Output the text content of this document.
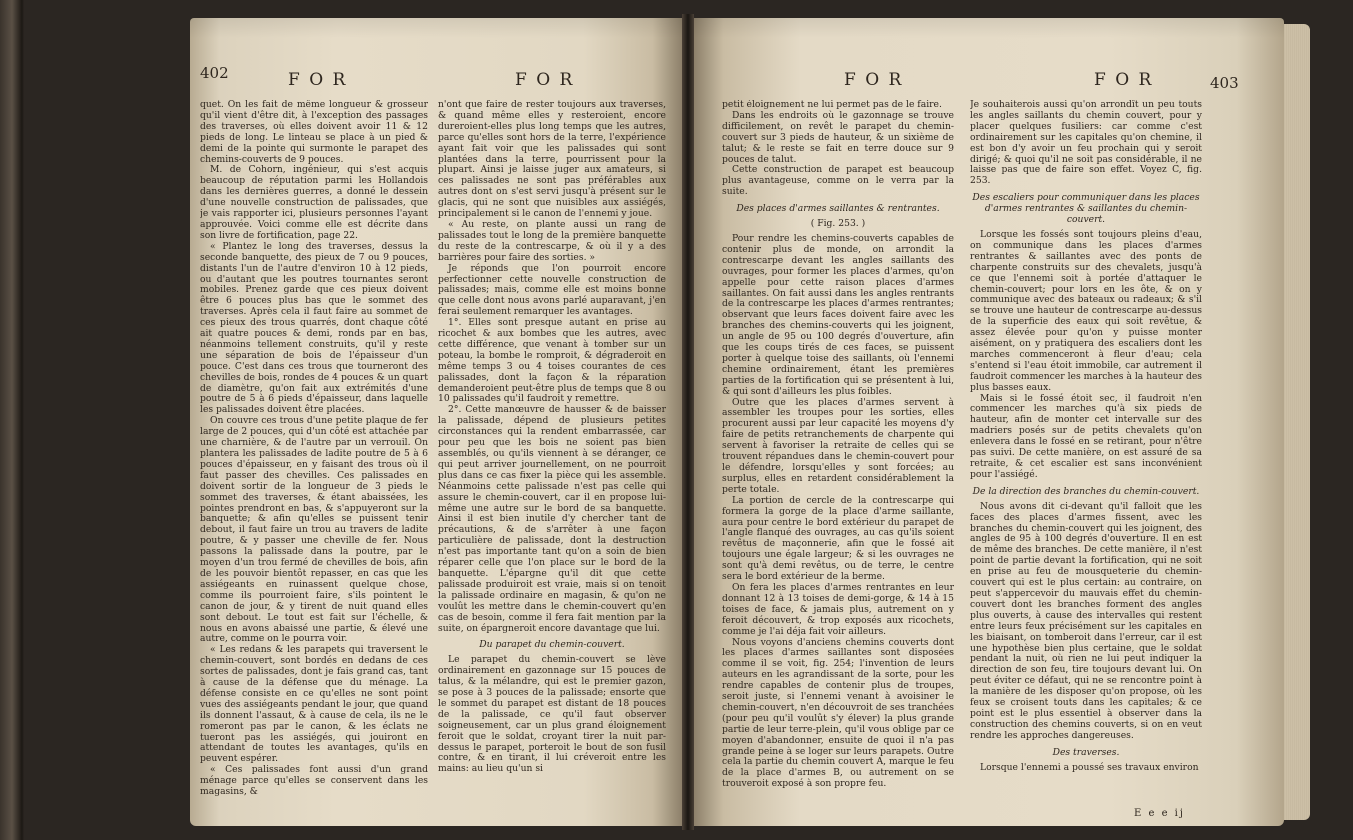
402	F O R	F O R

quet. On les fait de même longueur & grosseur qu'il vient d'être dit, à l'exception des passages des traverses, où elles doivent avoir 11 & 12 pieds de long. Le linteau se place à un pied & demi de la pointe qui surmonte le parapet des chemins-couverts de 9 pouces.

M. de Cohorn, ingénieur, qui s'est acquis beaucoup de réputation parmi les Hollandois dans les dernières guerres, a donné le dessein d'une nouvelle construction de palissades, que je vais rapporter ici, plusieurs personnes l'ayant approuvée. Voici comme elle est décrite dans son livre de fortification, page 22.

« Plantez le long des traverses, dessus la seconde banquette, des pieux de 7 ou 9 pouces, distants l'un de l'autre d'environ 10 à 12 pieds, ou d'autant que les poutres tournantes seront mobiles. Prenez garde que ces pieux doivent être 6 pouces plus bas que le sommet des traverses. Après cela il faut faire au sommet de ces pieux des trous quarrés, dont chaque côté ait quatre pouces & demi, ronds par en bas, néanmoins tellement construits, qu'il y reste une séparation de bois de l'épaisseur d'un pouce. C'est dans ces trous que tourneront des chevilles de bois, rondes de 4 pouces & un quart de diamètre, qu'on fait aux extrémités d'une poutre de 5 à 6 pieds d'épaisseur, dans laquelle les palissades doivent être placées.

On couvre ces trous d'une petite plaque de fer large de 2 pouces, qui d'un côté est attachée par une charnière, & de l'autre par un verrouil. On plantera les palissades de ladite poutre de 5 à 6 pouces d'épaisseur, en y faisant des trous où il faut passer des chevilles. Ces palissades en doivent sortir de la longueur de 3 pieds le sommet des traverses, & étant abaissées, les pointes prendront en bas, & s'appuyeront sur la banquette; & afin qu'elles se puissent tenir debout, il faut faire un trou au travers de ladite poutre, & y passer une cheville de fer. Nous passons la palissade dans la poutre, par le moyen d'un trou fermé de chevilles de bois, afin de les pouvoir bientôt repasser, en cas que les assiégeants en ruinassent quelque chose, comme ils pourroient faire, s'ils pointent le canon de jour, & y tirent de nuit quand elles sont debout. Le tout est fait sur l'échelle, & nous en avons abaissé une partie, & élevé une autre, comme on le pourra voir.

« Les redans & les parapets qui traversent le chemin-couvert, sont bordés en dedans de ces sortes de palissades, dont je fais grand cas, tant à cause de la défense que du ménage. La défense consiste en ce qu'elles ne sont point vues des assiégeants pendant le jour, que quand ils donnent l'assaut, & à cause de cela, ils ne le romeront pas par le canon, & les éclats ne tueront pas les assiégés, qui jouiront en attendant de toutes les avantages, qu'ils en peuvent espérer.

« Ces palissades font aussi d'un grand ménage parce qu'elles se conservent dans les magasins, &

n'ont que faire de rester toujours aux traverses, & quand même elles y resteroient, encore dureroient-elles plus long temps que les autres, parce qu'elles sont hors de la terre, l'expérience ayant fait voir que les palissades qui sont plantées dans la terre, pourrissent pour la plupart. Ainsi je laisse juger aux amateurs, si ces palissades ne sont pas préférables aux autres dont on s'est servi jusqu'à présent sur le glacis, qui ne sont que nuisibles aux assiégés, principalement si le canon de l'ennemi y joue.

« Au reste, on plante aussi un rang de palissades tout le long de la première banquette du reste de la contrescarpe, & où il y a des barrières pour faire des sorties. »

Je réponds que l'on pourroit encore perfectionner cette nouvelle construction de palissades; mais, comme elle est moins bonne que celle dont nous avons parlé auparavant, j'en ferai seulement remarquer les avantages.

1°. Elles sont presque autant en prise au ricochet & aux bombes que les autres, avec cette différence, que venant à tomber sur un poteau, la bombe le romproit, & dégraderoit en même temps 3 ou 4 toises courantes de ces palissades, dont la façon & la réparation demanderoient peut-être plus de temps que 8 ou 10 palissades qu'il faudroit y remettre.

2°. Cette manœuvre de hausser & de baisser la palissade, dépend de plusieurs petites circonstances qui la rendent embarrassée, car pour peu que les bois ne soient pas bien assemblés, ou qu'ils viennent à se déranger, ce qui peut arriver journellement, on ne pourroit plus dans ce cas fixer la pièce qui les assemble. Néanmoins cette palissade n'est pas celle qui assure le chemin-couvert, car il en propose lui-même une autre sur le bord de sa banquette. Ainsi il est bien inutile d'y chercher tant de précautions, & de s'arrêter à une façon particulière de palissade, dont la destruction n'est pas importante tant qu'on a soin de bien réparer celle que l'on place sur le bord de la banquette. L'épargne qu'il dit que cette palissade produiroit est vraie, mais si on tenoit la palissade ordinaire en magasin, & qu'on ne voulût les mettre dans le chemin-couvert qu'en cas de besoin, comme il fera fait mention par la suite, on épargneroit encore davantage que lui.

Du parapet du chemin-couvert.

Le parapet du chemin-couvert se lève ordinairement en gazonnage sur 15 pouces de talus, & la mélandre, qui est le premier gazon, se pose à 3 pouces de la palissade; ensorte que le sommet du parapet est distant de 18 pouces de la palissade, ce qu'il faut observer soigneusement, car un plus grand éloignement feroit que le soldat, croyant tirer la nuit par-dessus le parapet, porteroit le bout de son fusil contre, & en tirant, il lui créveroit entre les mains: au lieu qu'un si

F O R	F O R	403

petit éloignement ne lui permet pas de le faire.

Dans les endroits où le gazonnage se trouve difficilement, on revêt le parapet du chemin-couvert sur 3 pieds de hauteur, & un sixième de talut; & le reste se fait en terre douce sur 9 pouces de talut.

Cette construction de parapet est beaucoup plus avantageuse, comme on le verra par la suite.

Des places d'armes saillantes & rentrantes.

( Fig. 253. )

Pour rendre les chemins-couverts capables de contenir plus de monde, on arrondit la contrescarpe devant les angles saillants des ouvrages, pour former les places d'armes, qu'on appelle pour cette raison places d'armes saillantes. On fait aussi dans les angles rentrants de la contrescarpe les places d'armes rentrantes; observant que leurs faces doivent faire avec les branches des chemins-couverts qui les joignent, un angle de 95 ou 100 degrés d'ouverture, afin que les coups tirés de ces faces, se puissent porter à quelque toise des saillants, où l'ennemi chemine ordinairement, étant les premières parties de la fortification qui se présentent à lui, & qui sont d'ailleurs les plus foibles.

Outre que les places d'armes servent à assembler les troupes pour les sorties, elles procurent aussi par leur capacité les moyens d'y faire de petits retranchements de charpente qui servent à favoriser la retraite de celles qui se trouvent répandues dans le chemin-couvert pour le défendre, lorsqu'elles y sont forcées; au surplus, elles en retardent considérablement la perte totale.

La portion de cercle de la contrescarpe qui formera la gorge de la place d'arme saillante, aura pour centre le bord extérieur du parapet de l'angle flanqué des ouvrages, au cas qu'ils soient revêtus de maçonnerie, afin que le fossé ait toujours une égale largeur; & si les ouvrages ne sont qu'à demi revêtus, ou de terre, le centre sera le bord extérieur de la berme.

On fera les places d'armes rentrantes en leur donnant 12 à 13 toises de demi-gorge, & 14 à 15 toises de face, & jamais plus, autrement on y feroit découvert, & trop exposés aux ricochets, comme je l'ai déja fait voir ailleurs.

Nous voyons d'anciens chemins couverts dont les places d'armes saillantes sont disposées comme il se voit, fig. 254; l'invention de leurs auteurs en les agrandissant de la sorte, pour les rendre capables de contenir plus de troupes, seroit juste, si l'ennemi venant à avoisiner le chemin-couvert, n'en découvroit de ses tranchées (pour peu qu'il voulût s'y élever) la plus grande partie de leur terre-plein, qu'il vous oblige par ce moyen d'abandonner, ensuite de quoi il n'a pas grande peine à se loger sur leurs parapets. Outre cela la partie du chemin couvert A, marque le feu de la place d'armes B, ou autrement on se trouveroit exposé à son propre feu.

Je souhaiterois aussi qu'on arrondît un peu touts les angles saillants du chemin couvert, pour y placer quelques fusiliers: car comme c'est ordinairement sur les capitales qu'on chemine, il est bon d'y avoir un feu prochain qui y seroit dirigé; & quoi qu'il ne soit pas considérable, il ne laisse pas que de faire son effet. Voyez C, fig. 253.

Des escaliers pour communiquer dans les places d'armes rentrantes & saillantes du chemin-couvert.

Lorsque les fossés sont toujours pleins d'eau, on communique dans les places d'armes rentrantes & saillantes avec des ponts de charpente construits sur des chevalets, jusqu'à ce que l'ennemi soit à portée d'attaquer le chemin-couvert; pour lors en les ôte, & on y communique avec des bateaux ou radeaux; & s'il se trouve une hauteur de contrescarpe au-dessus de la superficie des eaux qui soit revêtue, & assez élevée pour qu'on y puisse monter aisément, on y pratiquera des escaliers dont les marches commenceront à fleur d'eau; cela s'entend si l'eau étoit immobile, car autrement il faudroit commencer les marches à la hauteur des plus basses eaux.

Mais si le fossé étoit sec, il faudroit n'en commencer les marches qu'à six pieds de hauteur, afin de monter cet intervalle sur des madriers posés sur de petits chevalets qu'on enlevera dans le fossé en se retirant, pour n'être pas suivi. De cette manière, on est assuré de sa retraite, & cet escalier est sans inconvénient pour l'assiégé.

De la direction des branches du chemin-couvert.

Nous avons dit ci-devant qu'il falloit que les faces des places d'armes fissent, avec les branches du chemin-couvert qui les joignent, des angles de 95 à 100 degrés d'ouverture. Il en est de même des branches. De cette manière, il n'est point de partie devant la fortification, qui ne soit en prise au feu de mousqueterie du chemin-couvert qui est le plus certain: au contraire, on peut s'appercevoir du mauvais effet du chemin-couvert dont les branches forment des angles plus ouverts, à cause des intervalles qui restent entre leurs feux précisément sur les capitales en les biaisant, on tomberoit dans l'erreur, car il est une hypothèse bien plus certaine, que le soldat pendant la nuit, où rien ne lui peut indiquer la direction de son feu, tire toujours devant lui. On peut éviter ce défaut, qui ne se rencontre point à la manière de les disposer qu'on propose, où les feux se croisent touts dans les capitales; & ce point est le plus essentiel à observer dans la construction des chemins couverts, si on en veut rendre les approches dangereuses.

Des traverses.

Lorsque l'ennemi a poussé ses travaux environ

E e e ij
